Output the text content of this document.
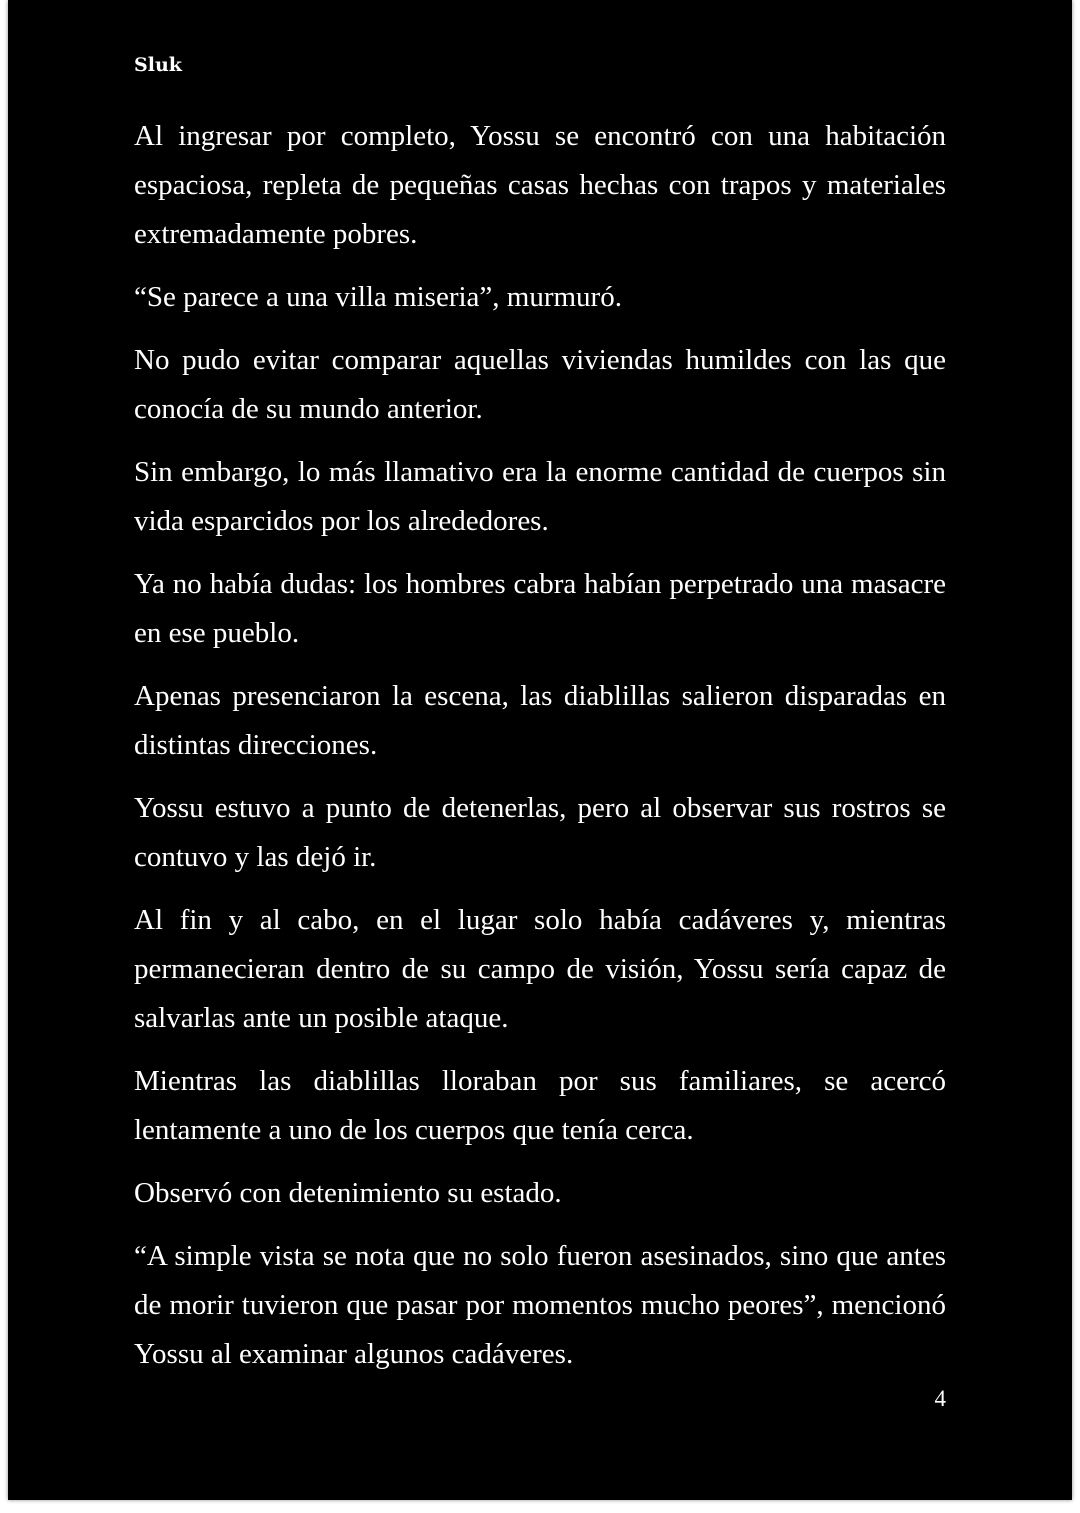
Sluk

Al ingresar por completo, Yossu se encontró con una habitación espaciosa, repleta de pequeñas casas hechas con trapos y materiales extremadamente pobres.

“Se parece a una villa miseria”, murmuró.

No pudo evitar comparar aquellas viviendas humildes con las que conocía de su mundo anterior.

Sin embargo, lo más llamativo era la enorme cantidad de cuerpos sin vida esparcidos por los alrededores.

Ya no había dudas: los hombres cabra habían perpetrado una masacre en ese pueblo.

Apenas presenciaron la escena, las diablillas salieron disparadas en distintas direcciones.

Yossu estuvo a punto de detenerlas, pero al observar sus rostros se contuvo y las dejó ir.

Al fin y al cabo, en el lugar solo había cadáveres y, mientras permanecieran dentro de su campo de visión, Yossu sería capaz de salvarlas ante un posible ataque.

Mientras las diablillas lloraban por sus familiares, se acercó lentamente a uno de los cuerpos que tenía cerca.

Observó con detenimiento su estado.

“A simple vista se nota que no solo fueron asesinados, sino que antes de morir tuvieron que pasar por momentos mucho peores”, mencionó Yossu al examinar algunos cadáveres.

4
